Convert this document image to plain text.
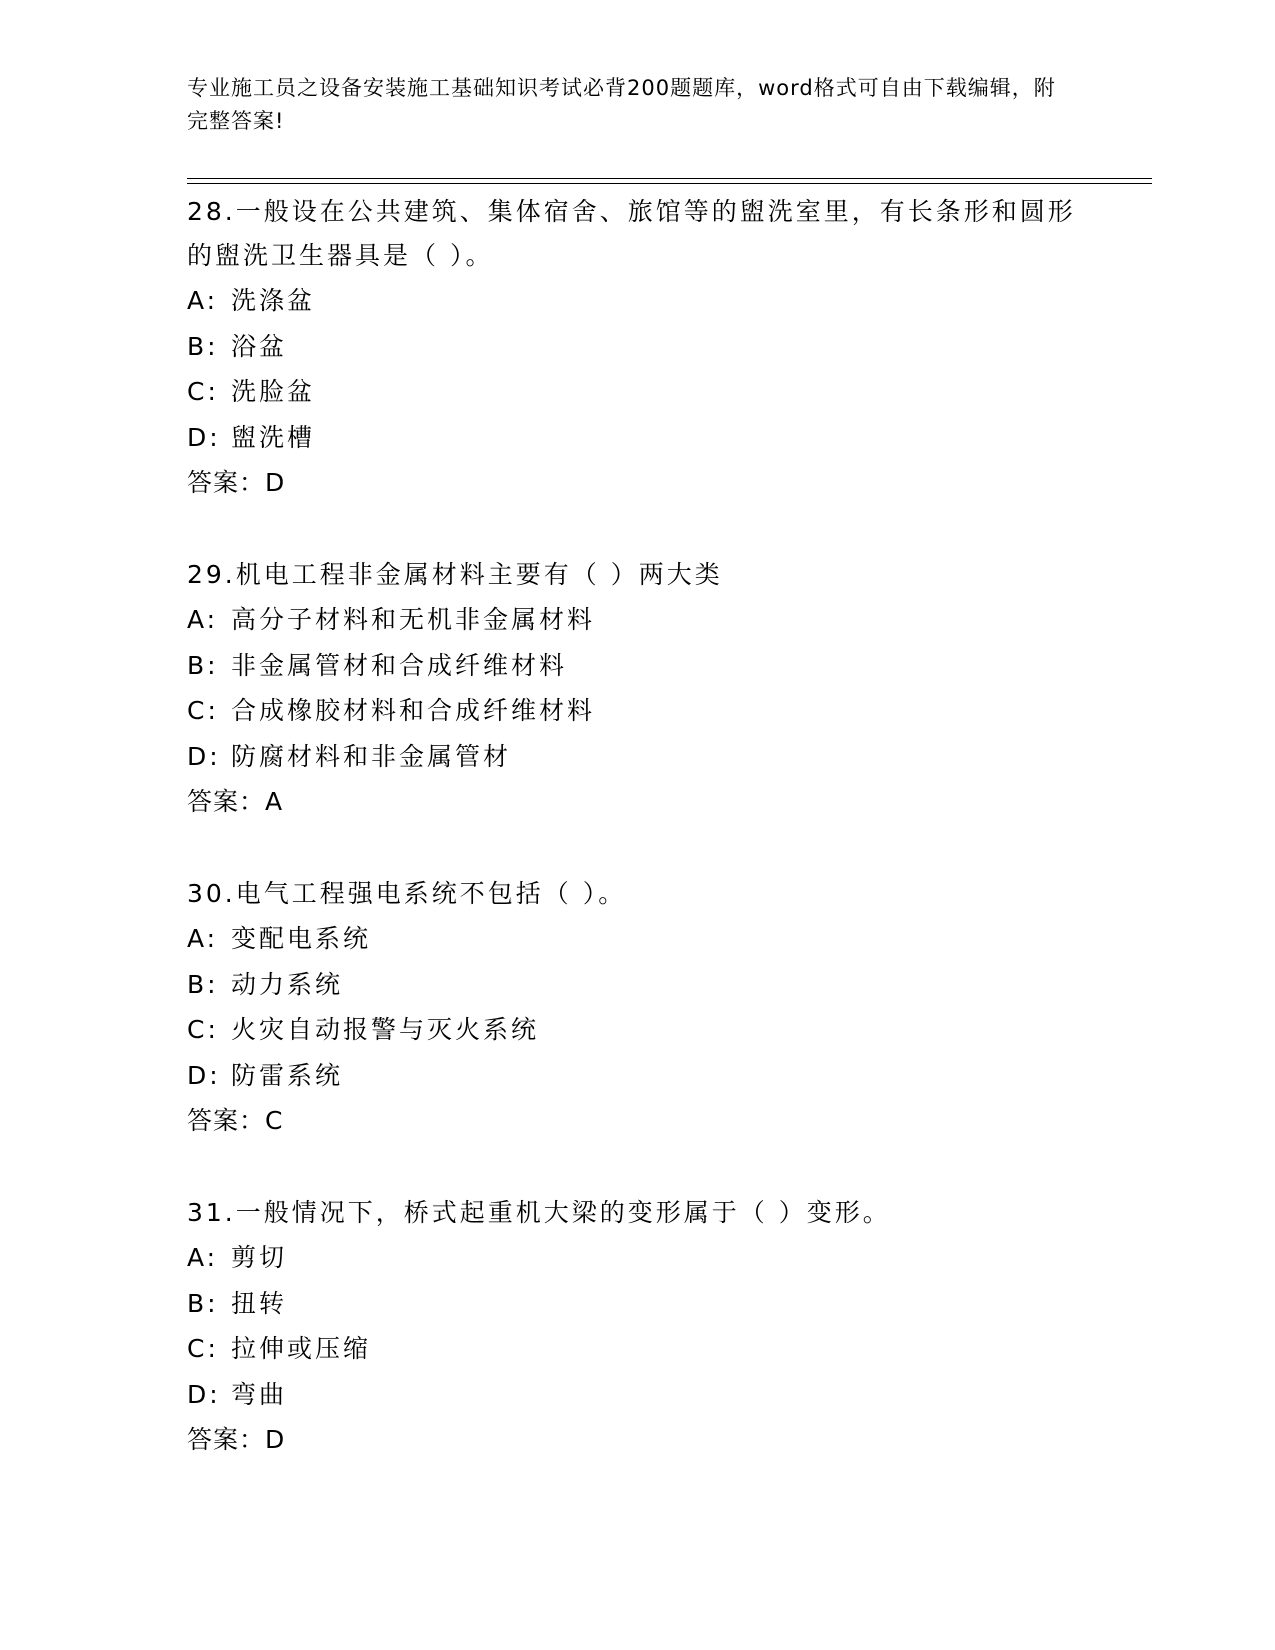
专业施工员之设备安装施工基础知识考试必背200题题库，word格式可自由下载编辑，附完整答案!

28.一般设在公共建筑、集体宿舍、旅馆等的盥洗室里，有长条形和圆形的盥洗卫生器具是（ ）。

A: 洗涤盆
B: 浴盆
C: 洗脸盆
D: 盥洗槽
答案：D

29.机电工程非金属材料主要有（ ）两大类

A: 高分子材料和无机非金属材料
B: 非金属管材和合成纤维材料
C: 合成橡胶材料和合成纤维材料
D: 防腐材料和非金属管材
答案：A

30.电气工程强电系统不包括（ ）。

A: 变配电系统
B: 动力系统
C: 火灾自动报警与灭火系统
D: 防雷系统
答案：C

31.一般情况下，桥式起重机大梁的变形属于（ ）变形。

A: 剪切
B: 扭转
C: 拉伸或压缩
D: 弯曲
答案：D
